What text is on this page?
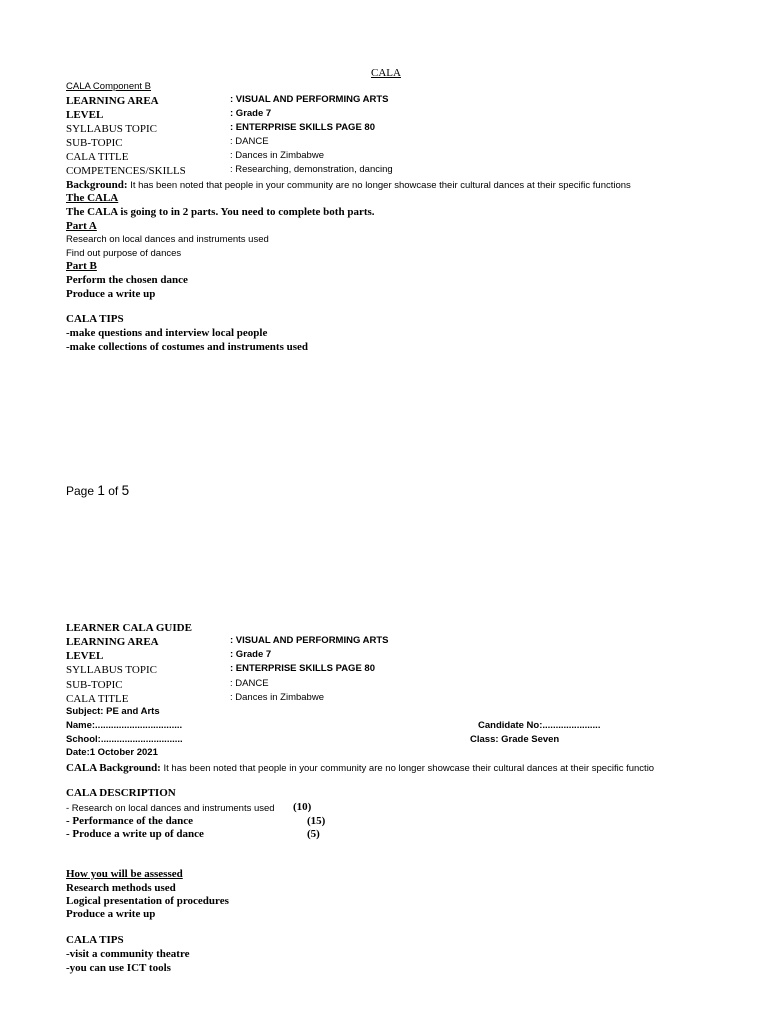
CALA
CALA Component B
LEARNING AREA	: VISUAL AND PERFORMING ARTS
LEVEL	: Grade 7
SYLLABUS TOPIC	: ENTERPRISE SKILLS PAGE 80
SUB-TOPIC	: DANCE
CALA TITLE	: Dances in Zimbabwe
COMPETENCES/SKILLS	: Researching, demonstration, dancing
Background: It has been noted that people in your community are no longer showcase their cultural dances at their specific functions
The CALA
The CALA is going to in 2 parts. You need to complete both parts.
Part A
Research on local dances and instruments used
Find out purpose of dances
Part B
Perform the chosen dance
Produce a write up
CALA TIPS
-make questions and interview local people
-make collections of costumes and instruments used
Page 1 of 5
LEARNER CALA GUIDE
LEARNING AREA	: VISUAL AND PERFORMING ARTS
LEVEL	: Grade 7
SYLLABUS TOPIC	: ENTERPRISE SKILLS PAGE 80
SUB-TOPIC	: DANCE
CALA TITLE	: Dances in Zimbabwe
Subject: PE and Arts
Name:.................................	Candidate No:......................
School:...............................	Class: Grade Seven
Date:1 October 2021
CALA Background: It has been noted that people in your community are no longer showcase their cultural dances at their specific functio
CALA DESCRIPTION
- Research on local dances and instruments used (10)
- Performance of the dance	(15)
- Produce a write up of dance	(5)
How you will be assessed
Research methods used
Logical presentation of procedures
Produce a write up
CALA TIPS
-visit a community theatre
-you can use ICT tools
